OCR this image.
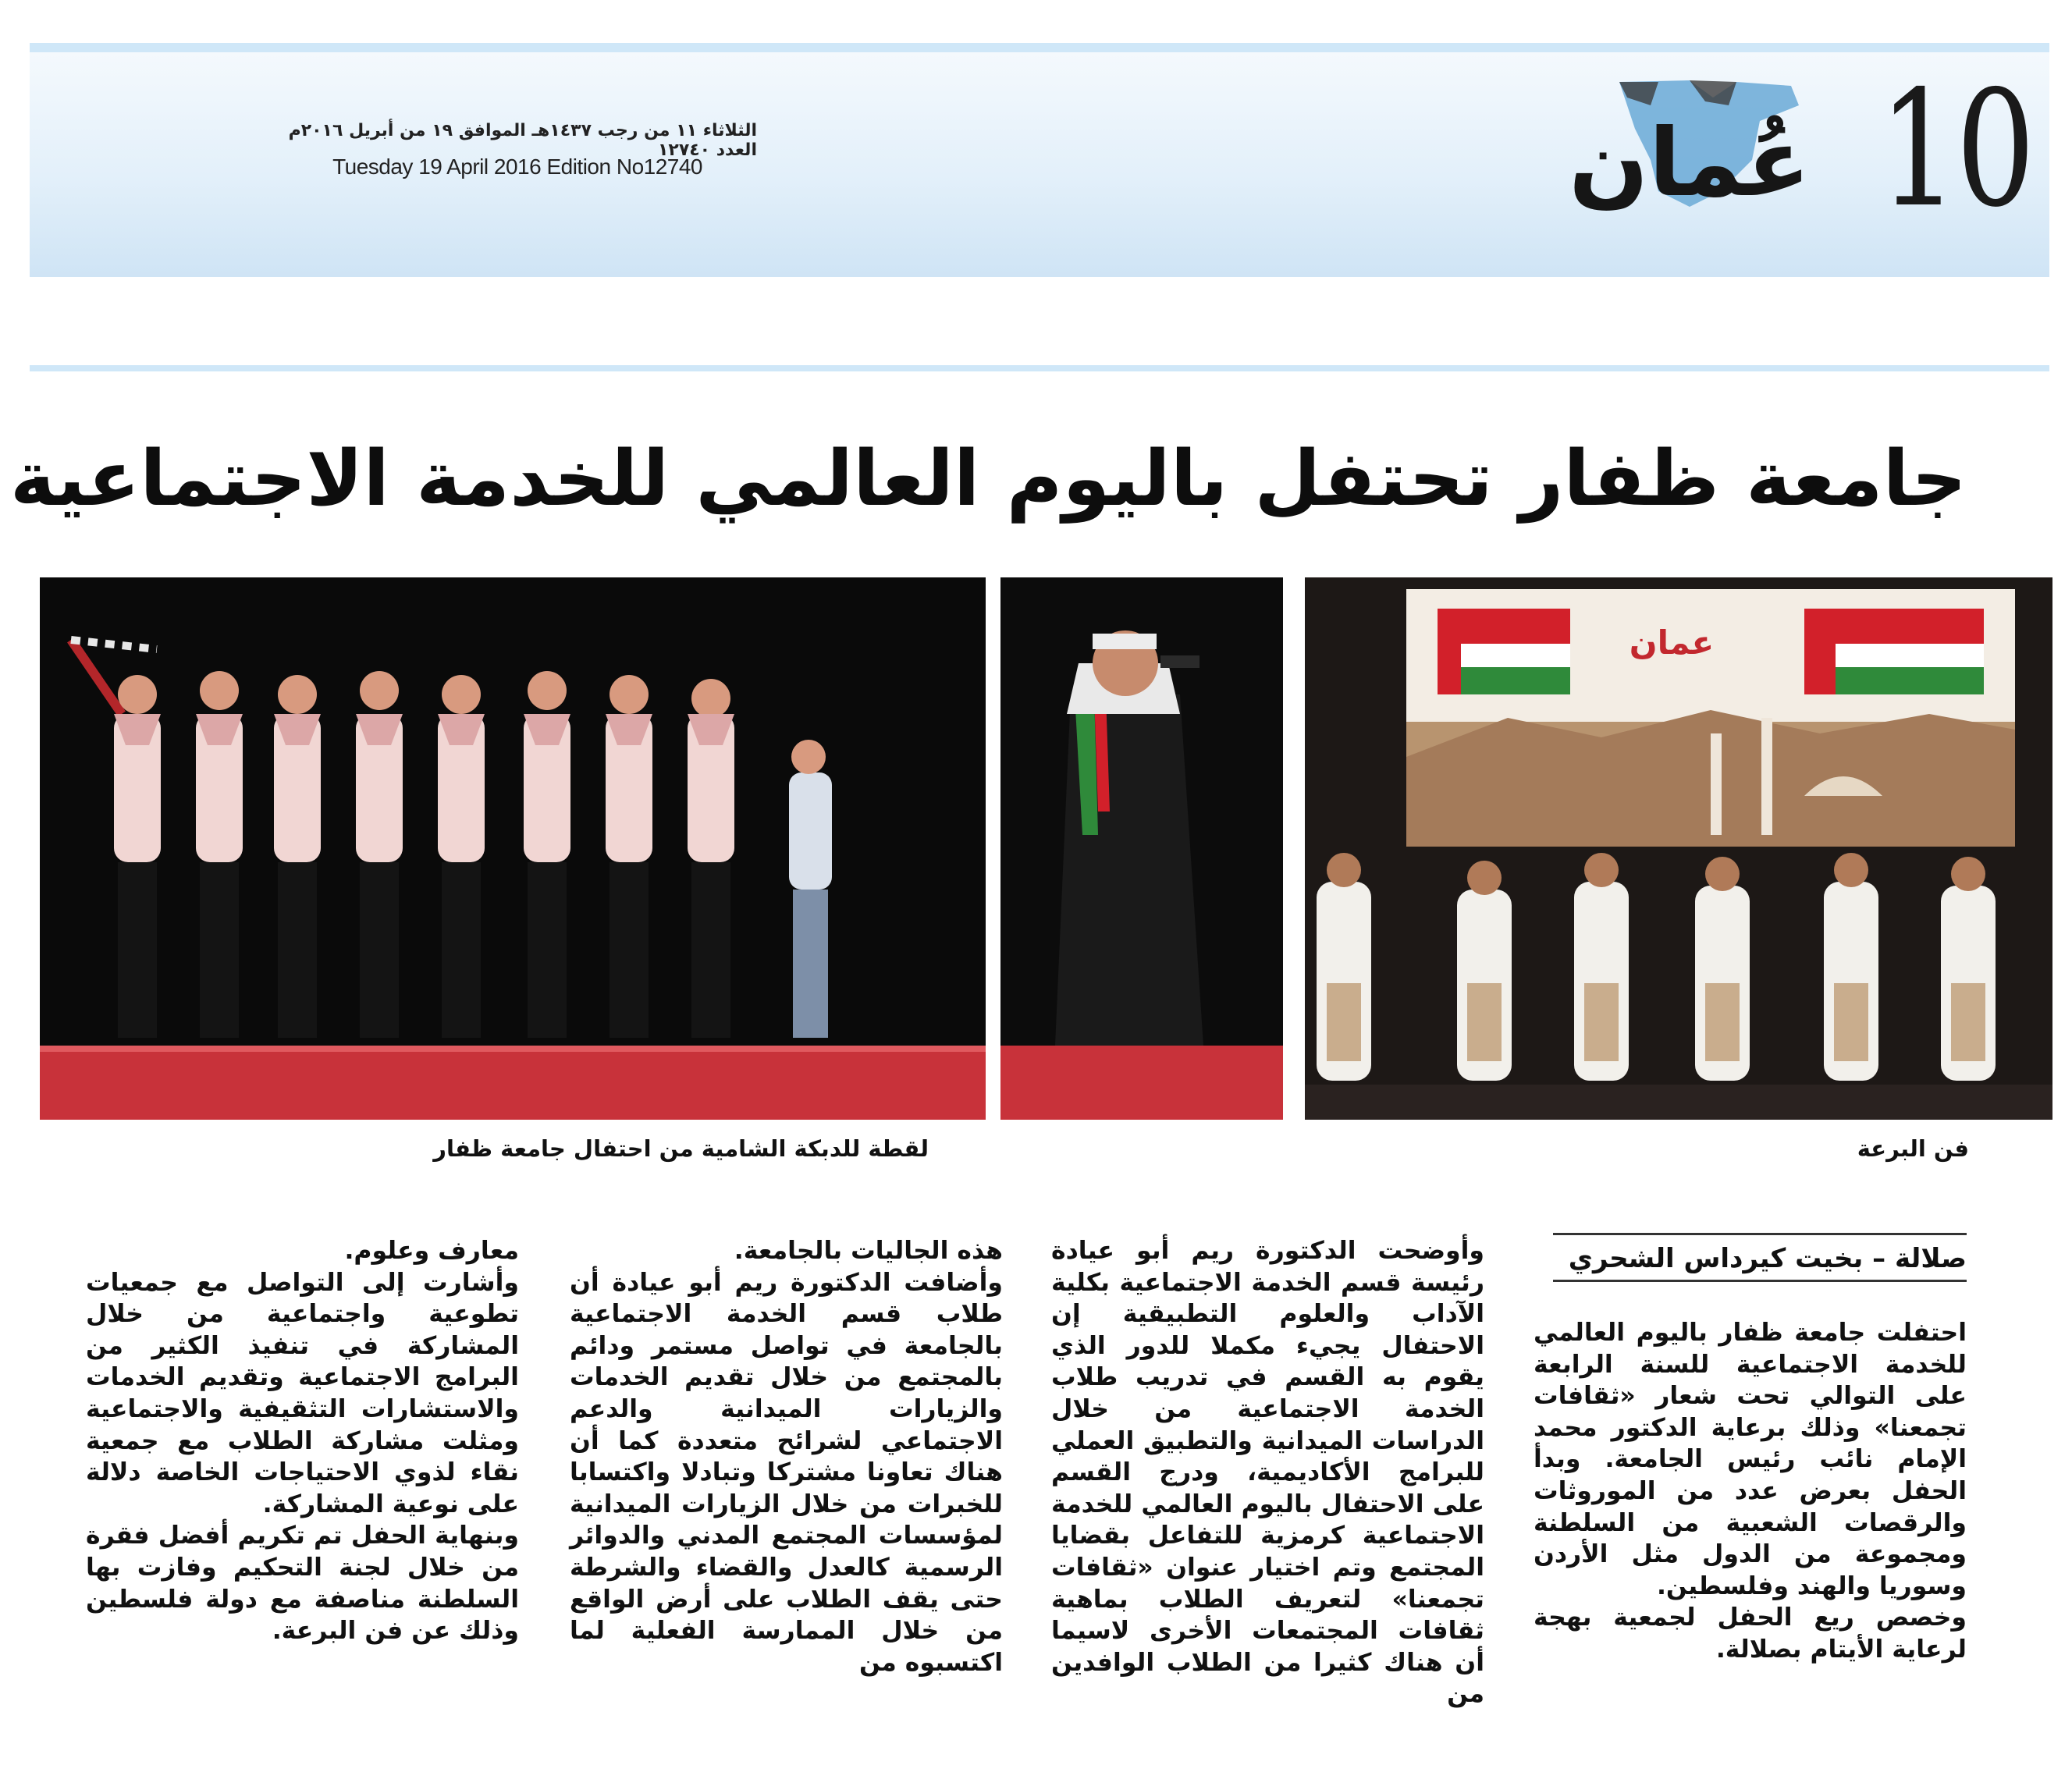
10
عُمان
الثلاثاء ١١ من رجب ١٤٣٧هـ الموافق ١٩ من أبريل ٢٠١٦م العدد ١٢٧٤٠
Tuesday 19 April 2016 Edition No12740
جامعة ظفار تحتفل باليوم العالمي للخدمة الاجتماعية
عمان
لقطة للدبكة الشامية من احتفال جامعة ظفار	فن البرعة
صلالة – بخيت كيرداس الشحري

احتفلت جامعة ظفار باليوم العالمي للخدمة الاجتماعية للسنة الرابعة على التوالي تحت شعار «ثقافات تجمعنا» وذلك برعاية الدكتور محمد الإمام نائب رئيس الجامعة. وبدأ الحفل بعرض عدد من الموروثات والرقصات الشعبية من السلطنة ومجموعة من الدول مثل الأردن وسوريا والهند وفلسطين.

وخصص ريع الحفل لجمعية بهجة لرعاية الأيتام بصلالة.

وأوضحت الدكتورة ريم أبو عيادة رئيسة قسم الخدمة الاجتماعية بكلية الآداب والعلوم التطبيقية إن الاحتفال يجيء مكملا للدور الذي يقوم به القسم في تدريب طلاب الخدمة الاجتماعية من خلال الدراسات الميدانية والتطبيق العملي للبرامج الأكاديمية، ودرج القسم على الاحتفال باليوم العالمي للخدمة الاجتماعية كرمزية للتفاعل بقضايا المجتمع وتم اختيار عنوان «ثقافات تجمعنا» لتعريف الطلاب بماهية ثقافات المجتمعات الأخرى لاسيما أن هناك كثيرا من الطلاب الوافدين من

هذه الجاليات بالجامعة.

وأضافت الدكتورة ريم أبو عيادة أن طلاب قسم الخدمة الاجتماعية بالجامعة في تواصل مستمر ودائم بالمجتمع من خلال تقديم الخدمات والزيارات الميدانية والدعم الاجتماعي لشرائح متعددة كما أن هناك تعاونا مشتركا وتبادلا واكتسابا للخبرات من خلال الزيارات الميدانية لمؤسسات المجتمع المدني والدوائر الرسمية كالعدل والقضاء والشرطة حتى يقف الطلاب على أرض الواقع من خلال الممارسة الفعلية لما اكتسبوه من

معارف وعلوم.

وأشارت إلى التواصل مع جمعيات تطوعية واجتماعية من خلال المشاركة في تنفيذ الكثير من البرامج الاجتماعية وتقديم الخدمات والاستشارات التثقيفية والاجتماعية ومثلت مشاركة الطلاب مع جمعية نقاء لذوي الاحتياجات الخاصة دلالة على نوعية المشاركة.

وبنهاية الحفل تم تكريم أفضل فقرة من خلال لجنة التحكيم وفازت بها السلطنة مناصفة مع دولة فلسطين وذلك عن فن البرعة.
